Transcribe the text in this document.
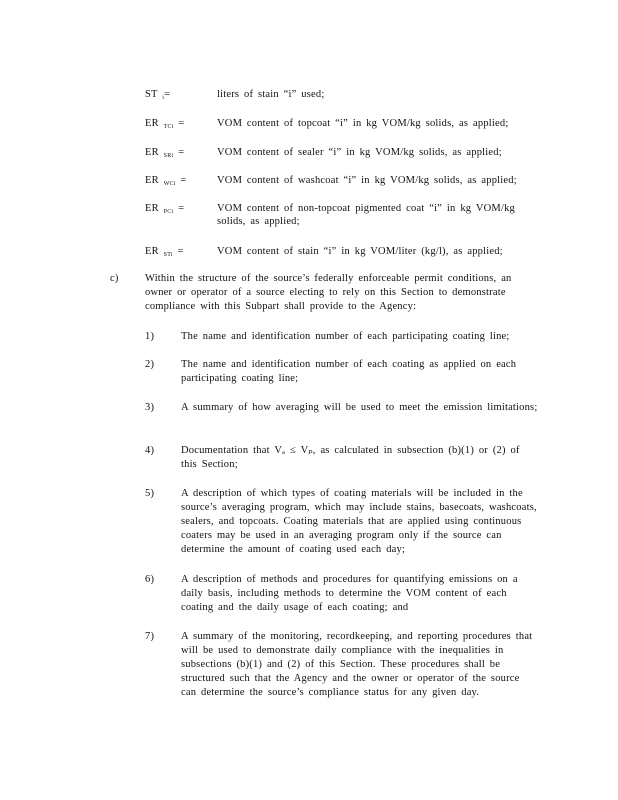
ST $_i$=	liters of stain “i” used;
ER $_{TCi}$ =	VOM content of topcoat “i” in kg VOM/kg solids, as applied;
ER $_{SRi}$ =	VOM content of sealer “i” in kg VOM/kg solids, as applied;
ER $_{WCi}$ =	VOM content of washcoat “i” in kg VOM/kg solids, as applied;
ER $_{PCi}$ =	VOM content of non-topcoat pigmented coat “i” in kg VOM/kg solids, as applied;
ER $_{STi}$ =	VOM content of stain “i” in kg VOM/liter (kg/l), as applied;
c)	Within the structure of the source’s federally enforceable permit conditions, an owner or operator of a source electing to rely on this Section to demonstrate compliance with this Subpart shall provide to the Agency:
1)	The name and identification number of each participating coating line;
2)	The name and identification number of each coating as applied on each participating coating line;
3)	A summary of how averaging will be used to meet the emission limitations;
4)	Documentation that Vₐ ≤ Vₚ, as calculated in subsection (b)(1) or (2) of this Section;
5)	A description of which types of coating materials will be included in the source’s averaging program, which may include stains, basecoats, washcoats, sealers, and topcoats. Coating materials that are applied using continuous coaters may be used in an averaging program only if the source can determine the amount of coating used each day;
6)	A description of methods and procedures for quantifying emissions on a daily basis, including methods to determine the VOM content of each coating and the daily usage of each coating; and
7)	A summary of the monitoring, recordkeeping, and reporting procedures that will be used to demonstrate daily compliance with the inequalities in subsections (b)(1) and (2) of this Section. These procedures shall be structured such that the Agency and the owner or operator of the source can determine the source’s compliance status for any given day.
